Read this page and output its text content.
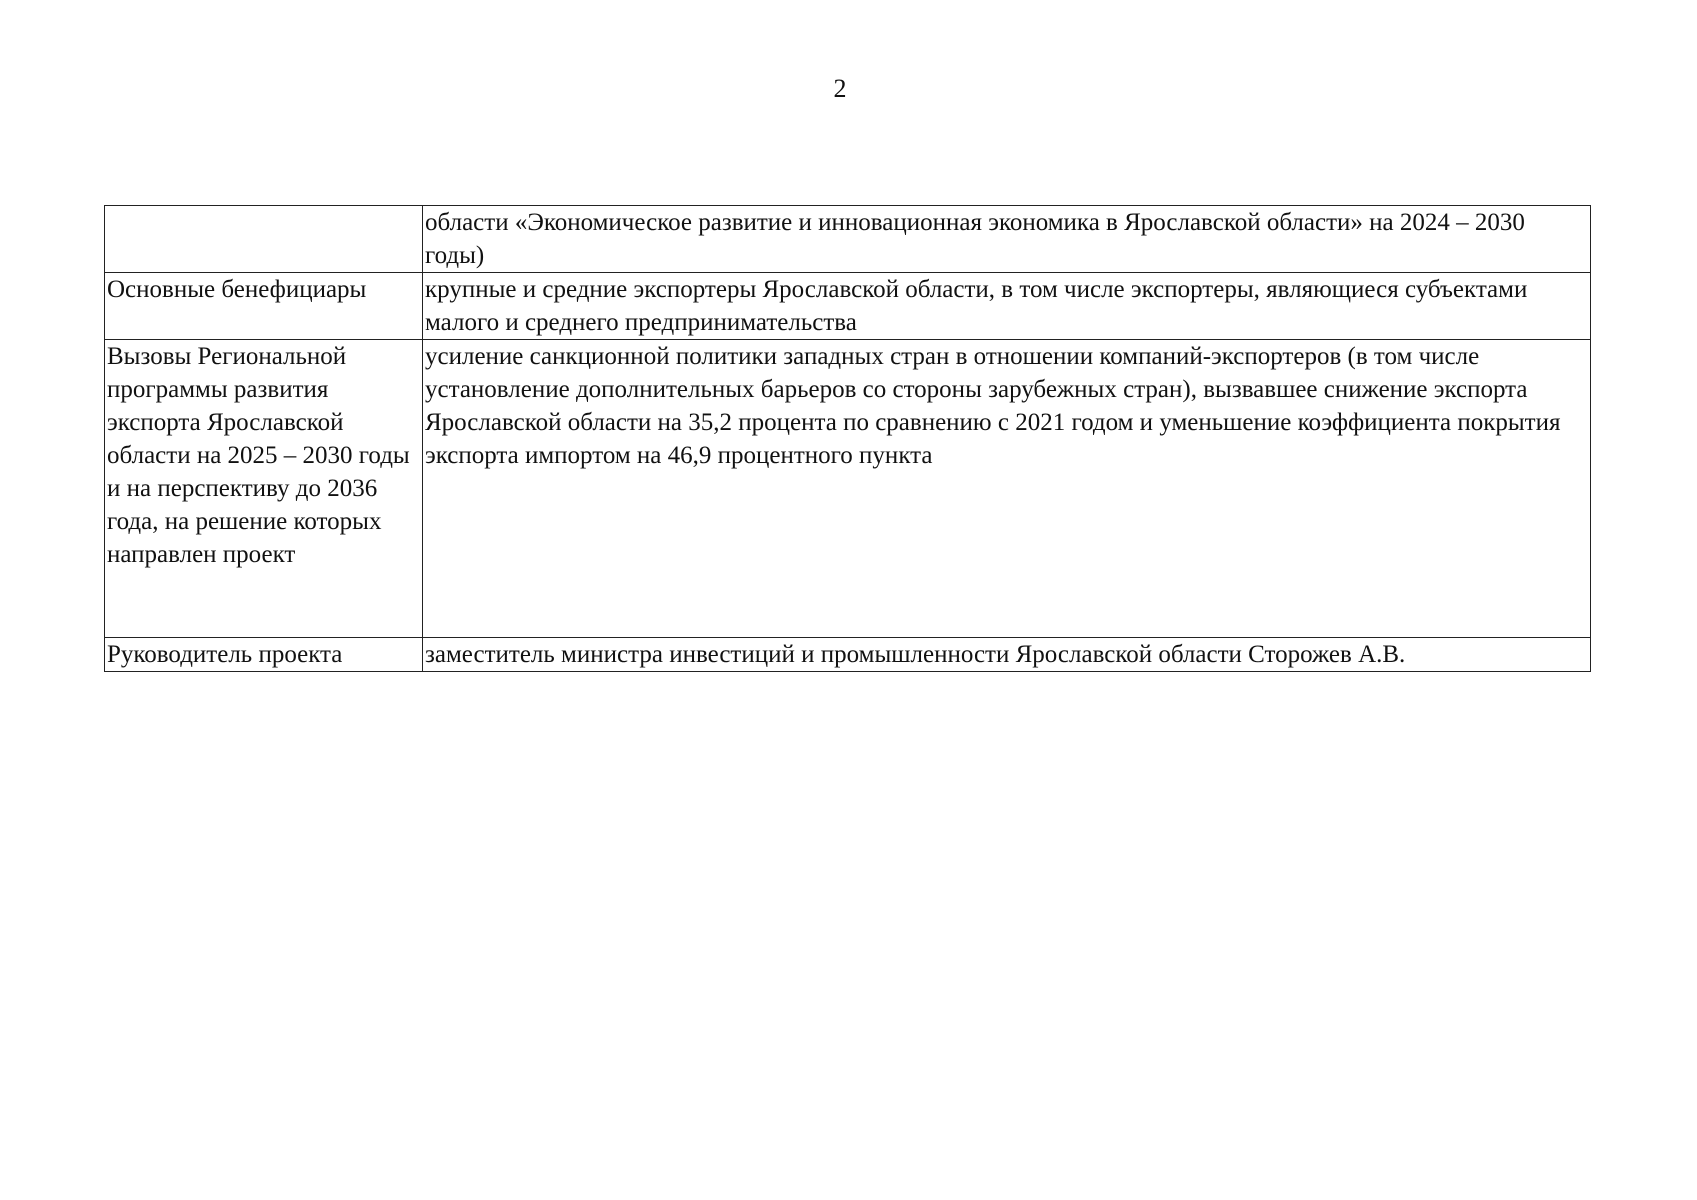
2
	области «Экономическое развитие и инновационная экономика в Ярославской области» на 2024 – 2030 годы)
Основные бенефициары	крупные и средние экспортеры Ярославской области, в том числе экспортеры, являющиеся субъектами малого и среднего предпринимательства
Вызовы Региональной программы развития экспорта Ярославской области на 2025 – 2030 годы и на перспективу до 2036 года, на решение которых направлен проект	усиление санкционной политики западных стран в отношении компаний-экспортеров (в том числе установление дополнительных барьеров со стороны зарубежных стран), вызвавшее снижение экспорта Ярославской области на 35,2 процента по сравнению с 2021 годом и уменьшение коэффициента покрытия экспорта импортом на 46,9 процентного пункта
Руководитель проекта	заместитель министра инвестиций и промышленности Ярославской области Сторожев А.В.
